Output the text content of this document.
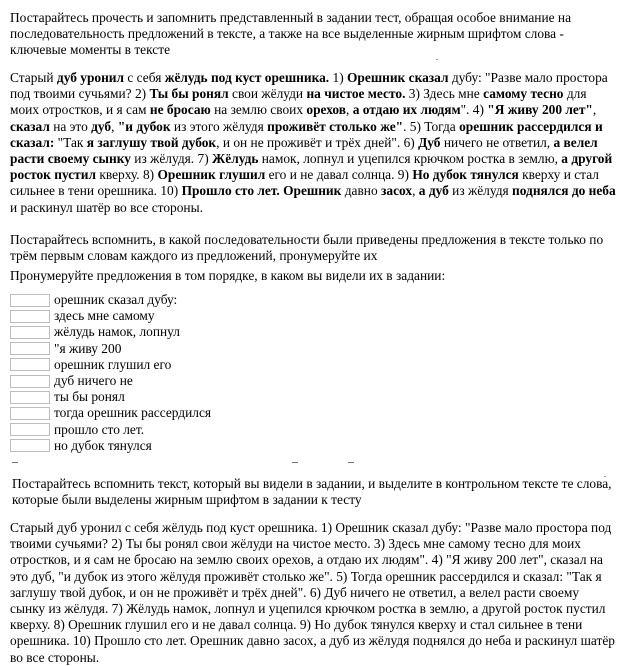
Постарайтесь прочесть и запомнить представленный в задании тест, обращая особое внимание на последовательность предложений в тексте, а также на все выделенные жирным шрифтом слова - ключевые моменты в тексте

Старый дуб уронил с себя жёлудь под куст орешника. 1) Орешник сказал дубу: "Разве мало простора под твоими сучьями? 2) Ты бы ронял свои жёлуди на чистое место. 3) Здесь мне самому тесно для моих отростков, и я сам не бросаю на землю своих орехов, а отдаю их людям". 4) "Я живу 200 лет", сказал на это дуб, "и дубок из этого жёлудя проживёт столько же". 5) Тогда орешник рассердился и сказал: "Так я заглушу твой дубок, и он не проживёт и трёх дней". 6) Дуб ничего не ответил, а велел расти своему сынку из жёлудя. 7) Жёлудь намок, лопнул и уцепился крючком ростка в землю, а другой росток пустил кверху. 8) Орешник глушил его и не давал солнца. 9) Но дубок тянулся кверху и стал сильнее в тени орешника. 10) Прошло сто лет. Орешник давно засох, а дуб из жёлудя поднялся до неба и раскинул шатёр во все стороны.

Постарайтесь вспомнить, в какой последовательности были приведены предложения в тексте только по трём первым словам каждого из предложений, пронумеруйте их

Пронумеруйте предложения в том порядке, в каком вы видели их в задании:

орешник сказал дубу:
здесь мне самому
жёлудь намок, лопнул
"я живу 200
орешник глушил его
дуб ничего не
ты бы ронял
тогда орешник рассердился
прошло сто лет.
но дубок тянулся

Постарайтесь вспомнить текст, который вы видели в задании, и выделите в контрольном тексте те слова, которые были выделены жирным шрифтом в задании к тесту

Старый дуб уронил с себя жёлудь под куст орешника. 1) Орешник сказал дубу: "Разве мало простора под твоими сучьями? 2) Ты бы ронял свои жёлуди на чистое место. 3) Здесь мне самому тесно для моих отростков, и я сам не бросаю на землю своих орехов, а отдаю их людям". 4) "Я живу 200 лет", сказал на это дуб, "и дубок из этого жёлудя проживёт столько же". 5) Тогда орешник рассердился и сказал: "Так я заглушу твой дубок, и он не проживёт и трёх дней". 6) Дуб ничего не ответил, а велел расти своему сынку из жёлудя. 7) Жёлудь намок, лопнул и уцепился крючком ростка в землю, а другой росток пустил кверху. 8) Орешник глушил его и не давал солнца. 9) Но дубок тянулся кверху и стал сильнее в тени орешника. 10) Прошло сто лет. Орешник давно засох, а дуб из жёлудя поднялся до неба и раскинул шатёр во все стороны.
